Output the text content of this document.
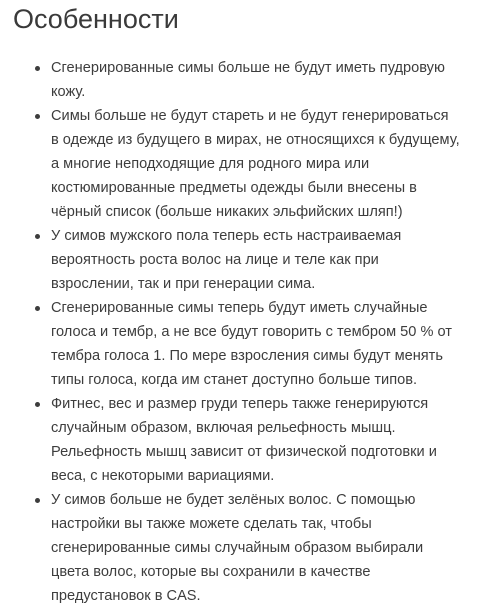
Особенности
Сгенерированные симы больше не будут иметь пудровую
кожу.
Симы больше не будут стареть и не будут генерироваться
в одежде из будущего в мирах, не относящихся к будущему,
а многие неподходящие для родного мира или
костюмированные предметы одежды были внесены в
чёрный список (больше никаких эльфийских шляп!)
У симов мужского пола теперь есть настраиваемая
вероятность роста волос на лице и теле как при
взрослении, так и при генерации сима.
Сгенерированные симы теперь будут иметь случайные
голоса и тембр, а не все будут говорить с тембром 50 % от
тембра голоса 1. По мере взросления симы будут менять
типы голоса, когда им станет доступно больше типов.
Фитнес, вес и размер груди теперь также генерируются
случайным образом, включая рельефность мышц.
Рельефность мышц зависит от физической подготовки и
веса, с некоторыми вариациями.
У симов больше не будет зелёных волос. С помощью
настройки вы также можете сделать так, чтобы
сгенерированные симы случайным образом выбирали
цвета волос, которые вы сохранили в качестве
предустановок в CAS.
